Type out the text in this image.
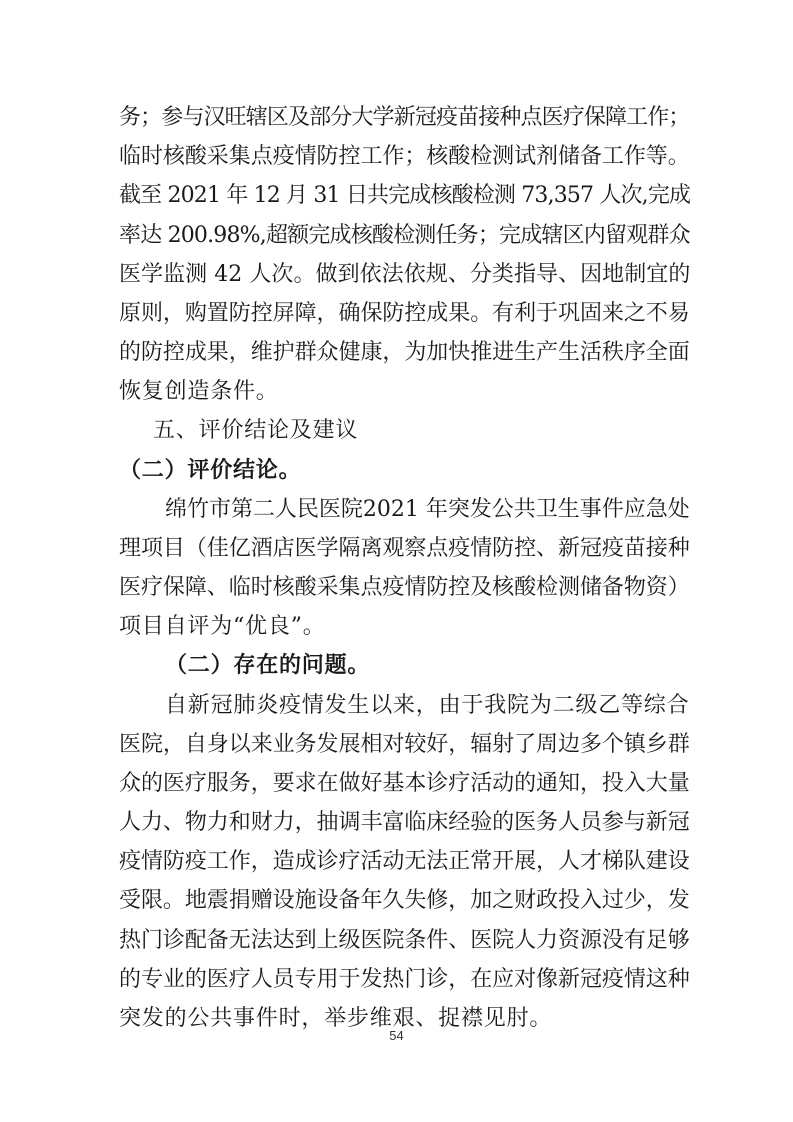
务；参与汉旺辖区及部分大学新冠疫苗接种点医疗保障工作；
临时核酸采集点疫情防控工作；核酸检测试剂储备工作等。
截至 2021 年 12 月 31 日共完成核酸检测 73,357 人次,完成
率达 200.98%,超额完成核酸检测任务；完成辖区内留观群众
医学监测 42 人次。做到依法依规、分类指导、因地制宜的
原则，购置防控屏障，确保防控成果。有利于巩固来之不易
的防控成果，维护群众健康，为加快推进生产生活秩序全面
恢复创造条件。
五、评价结论及建议
（二）评价结论。
绵竹市第二人民医院2021 年突发公共卫生事件应急处
理项目（佳亿酒店医学隔离观察点疫情防控、新冠疫苗接种
医疗保障、临时核酸采集点疫情防控及核酸检测储备物资）
项目自评为“优良”。
（二）存在的问题。
自新冠肺炎疫情发生以来，由于我院为二级乙等综合
医院，自身以来业务发展相对较好，辐射了周边多个镇乡群
众的医疗服务，要求在做好基本诊疗活动的通知，投入大量
人力、物力和财力，抽调丰富临床经验的医务人员参与新冠
疫情防疫工作，造成诊疗活动无法正常开展，人才梯队建设
受限。地震捐赠设施设备年久失修，加之财政投入过少，发
热门诊配备无法达到上级医院条件、医院人力资源没有足够
的专业的医疗人员专用于发热门诊，在应对像新冠疫情这种
突发的公共事件时，举步维艰、捉襟见肘。
54
